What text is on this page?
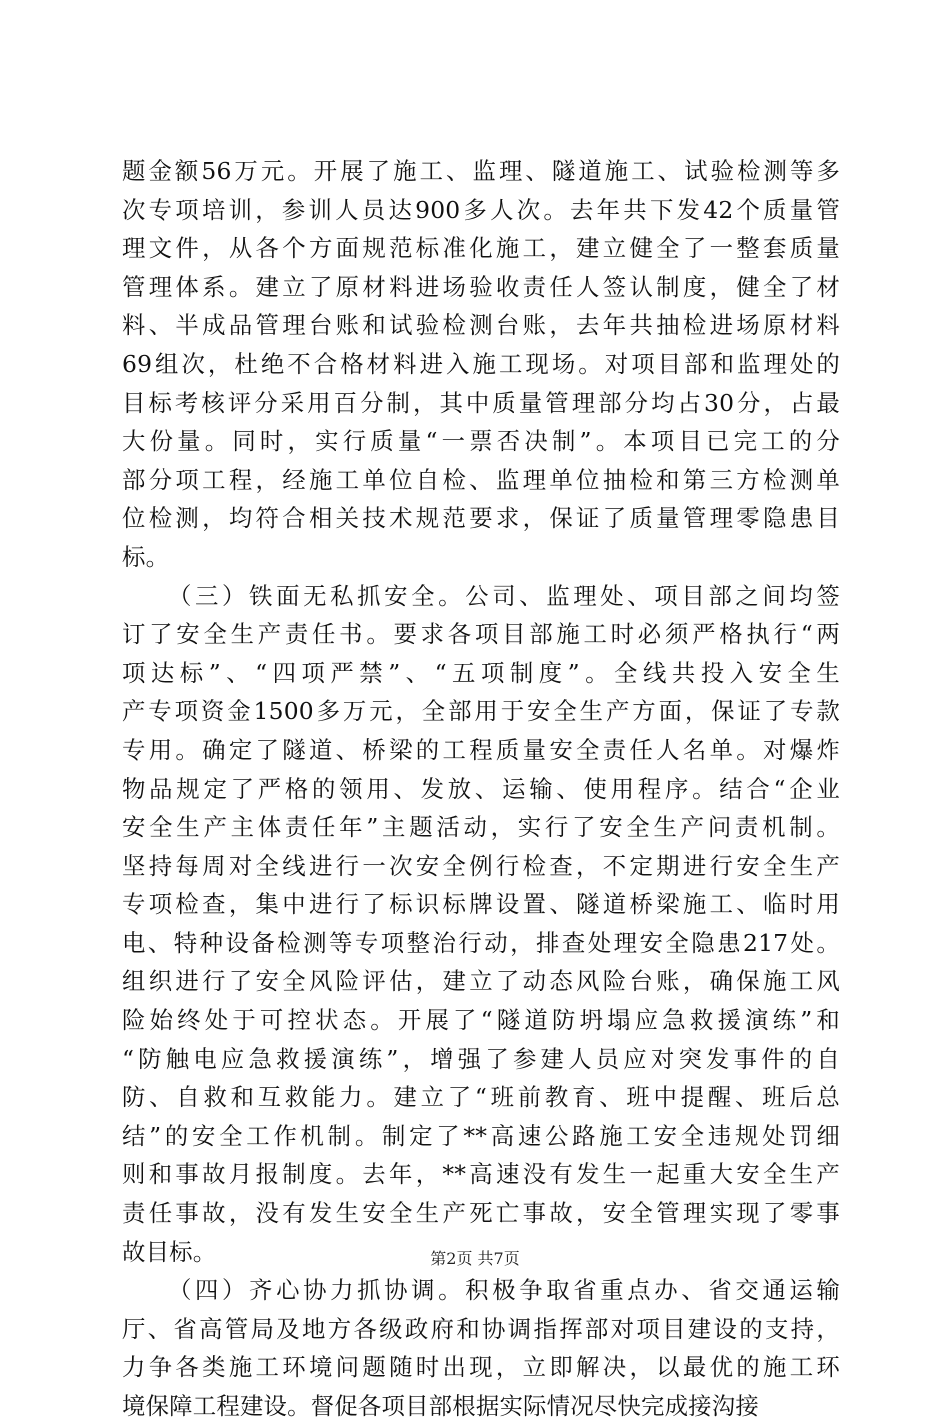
题金额56万元。开展了施工、监理、隧道施工、试验检测等多
次专项培训，参训人员达900多人次。去年共下发42个质量管
理文件，从各个方面规范标准化施工，建立健全了一整套质量
管理体系。建立了原材料进场验收责任人签认制度，健全了材
料、半成品管理台账和试验检测台账，去年共抽检进场原材料
69组次，杜绝不合格材料进入施工现场。对项目部和监理处的
目标考核评分采用百分制，其中质量管理部分均占30分，占最
大份量。同时，实行质量“一票否决制”。本项目已完工的分
部分项工程，经施工单位自检、监理单位抽检和第三方检测单
位检测，均符合相关技术规范要求，保证了质量管理零隐患目
标。
（三）铁面无私抓安全。公司、监理处、项目部之间均签
订了安全生产责任书。要求各项目部施工时必须严格执行“两
项达标”、“四项严禁”、“五项制度”。全线共投入安全生
产专项资金1500多万元，全部用于安全生产方面，保证了专款
专用。确定了隧道、桥梁的工程质量安全责任人名单。对爆炸
物品规定了严格的领用、发放、运输、使用程序。结合“企业
安全生产主体责任年”主题活动，实行了安全生产问责机制。
坚持每周对全线进行一次安全例行检查，不定期进行安全生产
专项检查，集中进行了标识标牌设置、隧道桥梁施工、临时用
电、特种设备检测等专项整治行动，排查处理安全隐患217处。
组织进行了安全风险评估，建立了动态风险台账，确保施工风
险始终处于可控状态。开展了“隧道防坍塌应急救援演练”和
“防触电应急救援演练”，增强了参建人员应对突发事件的自
防、自救和互救能力。建立了“班前教育、班中提醒、班后总
结”的安全工作机制。制定了**高速公路施工安全违规处罚细
则和事故月报制度。去年，**高速没有发生一起重大安全生产
责任事故，没有发生安全生产死亡事故，安全管理实现了零事
故目标。
（四）齐心协力抓协调。积极争取省重点办、省交通运输
厅、省高管局及地方各级政府和协调指挥部对项目建设的支持，
力争各类施工环境问题随时出现，立即解决，以最优的施工环
境保障工程建设。督促各项目部根据实际情况尽快完成接沟接
第2页 共7页
